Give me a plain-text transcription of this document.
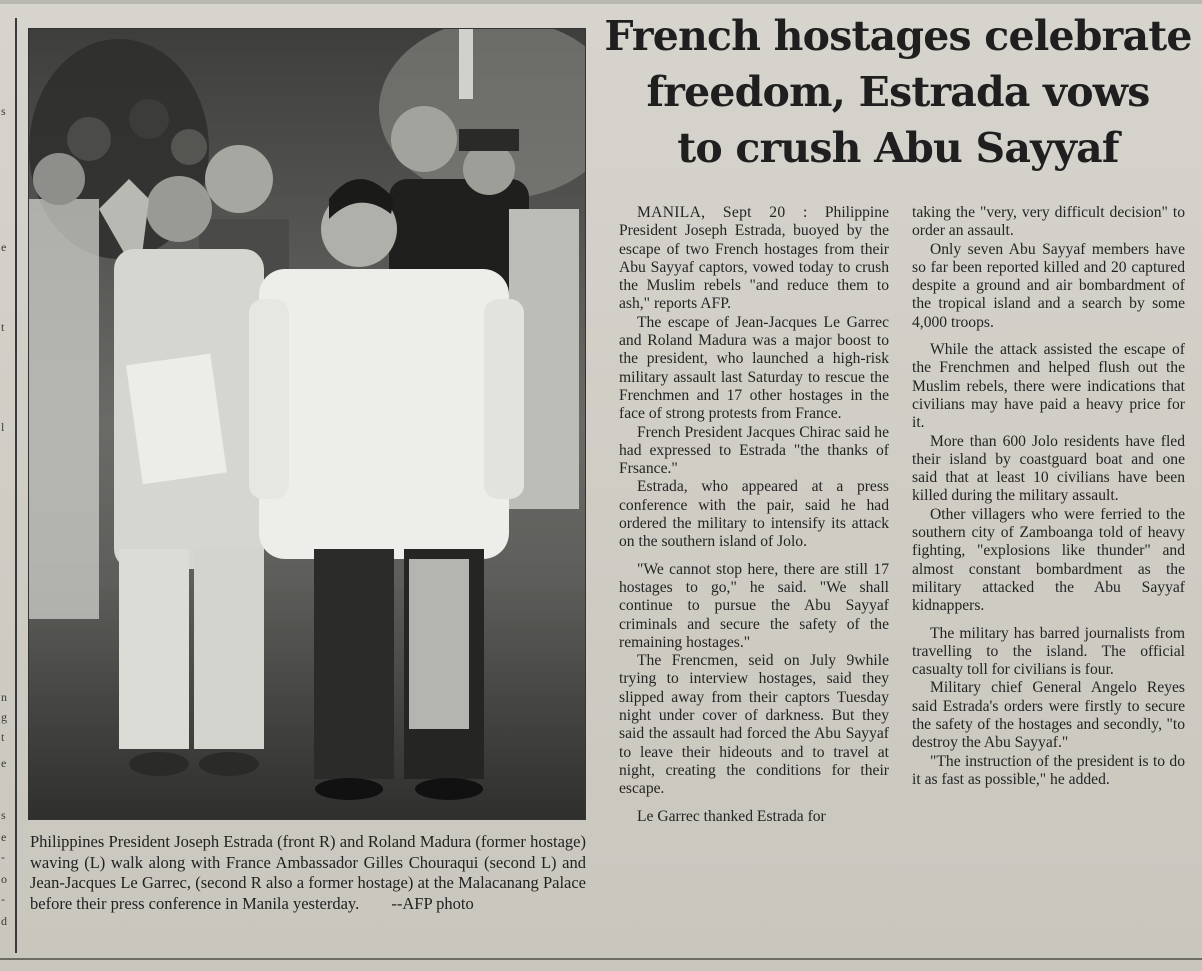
s
e
t
l
n
g
t
e
s
e
-
o
-
d
Philippines President Joseph Estrada (front R) and Roland Madura (former hostage) waving (L) walk along with France Ambassador Gilles Chouraqui (second L) and Jean-Jacques Le Garrec, (second R also a former hostage) at the Malacanang Palace before their press conference in Manila yesterday. --AFP photo
French hostages celebrate
freedom, Estrada vows
to crush Abu Sayyaf

MANILA, Sept 20 : Philippine President Joseph Estrada, buoyed by the escape of two French hostages from their Abu Sayyaf captors, vowed today to crush the Muslim rebels "and reduce them to ash," reports AFP.

The escape of Jean-Jacques Le Garrec and Roland Madura was a major boost to the president, who launched a high-risk military assault last Saturday to rescue the Frenchmen and 17 other hostages in the face of strong protests from France.

French President Jacques Chirac said he had expressed to Estrada "the thanks of Frsance."

Estrada, who appeared at a press conference with the pair, said he had ordered the military to intensify its attack on the southern island of Jolo.

"We cannot stop here, there are still 17 hostages to go," he said. "We shall continue to pursue the Abu Sayyaf criminals and secure the safety of the remaining hostages."

The Frencmen, seid on July 9while trying to interview hostages, said they slipped away from their captors Tuesday night under cover of darkness. But they said the assault had forced the Abu Sayyaf to leave their hideouts and to travel at night, creating the conditions for their escape.

Le Garrec thanked Estrada for

taking the "very, very difficult decision" to order an assault.

Only seven Abu Sayyaf members have so far been reported killed and 20 captured despite a ground and air bombardment of the tropical island and a search by some 4,000 troops.

While the attack assisted the escape of the Frenchmen and helped flush out the Muslim rebels, there were indications that civilians may have paid a heavy price for it.

More than 600 Jolo residents have fled their island by coastguard boat and one said that at least 10 civilians have been killed during the military assault.

Other villagers who were ferried to the southern city of Zamboanga told of heavy fighting, "explosions like thunder" and almost constant bombardment as the military attacked the Abu Sayyaf kidnappers.

The military has barred journalists from travelling to the island. The official casualty toll for civilians is four.

Military chief General Angelo Reyes said Estrada's orders were firstly to secure the safety of the hostages and secondly, "to destroy the Abu Sayyaf."

"The instruction of the president is to do it as fast as possible," he added.
